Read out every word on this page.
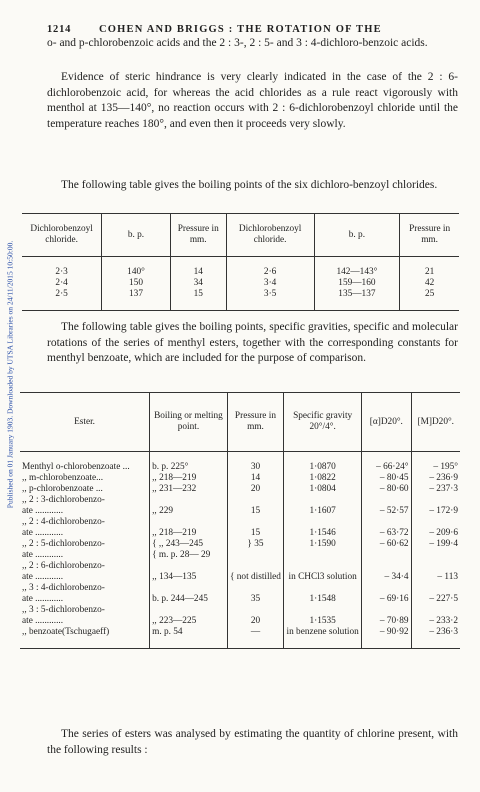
1214	COHEN AND BRIGGS : THE ROTATION OF THE
Published on 01 January 1903. Downloaded by UTSA Libraries on 24/11/2015 10:50:00.
o- and p-chlorobenzoic acids and the 2 : 3-, 2 : 5- and 3 : 4-dichloro-benzoic acids.
Evidence of steric hindrance is very clearly indicated in the case of the 2 : 6-dichlorobenzoic acid, for whereas the acid chlorides as a rule react vigorously with menthol at 135—140°, no reaction occurs with 2 : 6-dichlorobenzoyl chloride until the temperature reaches 180°, and even then it proceeds very slowly.
The following table gives the boiling points of the six dichloro-benzoyl chlorides.
Dichlorobenzoyl chloride.	b. p.	Pressure in mm.	Dichlorobenzoyl chloride.	b. p.	Pressure in mm.
2·3	140°	14	2·6	142—143°	21
2·4	150	34	3·4	159—160	42
2·5	137	15	3·5	135—137	25
The following table gives the boiling points, specific gravities, specific and molecular rotations of the series of menthyl esters, together with the corresponding constants for menthyl benzoate, which are included for the purpose of comparison.
Ester.	Boiling or melting point.	Pressure in mm.	Specific gravity 20°/4°.	[α]D20°.	[M]D20°.
Menthyl o-chlorobenzoate ...	b. p. 225°	30	1·0870	– 66·24°	– 195°
,, m-chlorobenzoate...	,, 218—219	14	1·0822	– 80·45	– 236·9
,, p-chlorobenzoate ...	,, 231—232	20	1·0804	– 80·60	– 237·3
,, 2 : 3-dichlorobenzo-					
ate ............	,, 229	15	1·1607	– 52·57	– 172·9
,, 2 : 4-dichlorobenzo-					
ate ............	,, 218—219	15	1·1546	– 63·72	– 209·6
,, 2 : 5-dichlorobenzo-	{ ,, 243—245	} 35	1·1590	– 60·62	– 199·4
ate ............	{ m. p. 28— 29				
,, 2 : 6-dichlorobenzo-					
ate ............	,, 134—135	{ not distilled	in CHCl3 solution	– 34·4	– 113
,, 3 : 4-dichlorobenzo-					
ate ............	b. p. 244—245	35	1·1548	– 69·16	– 227·5
,, 3 : 5-dichlorobenzo-					
ate ............	,, 223—225	20	1·1535	– 70·89	– 233·2
,, benzoate(Tschugaeff)	m. p. 54	—	in benzene solution	– 90·92	– 236·3
The series of esters was analysed by estimating the quantity of chlorine present, with the following results :
